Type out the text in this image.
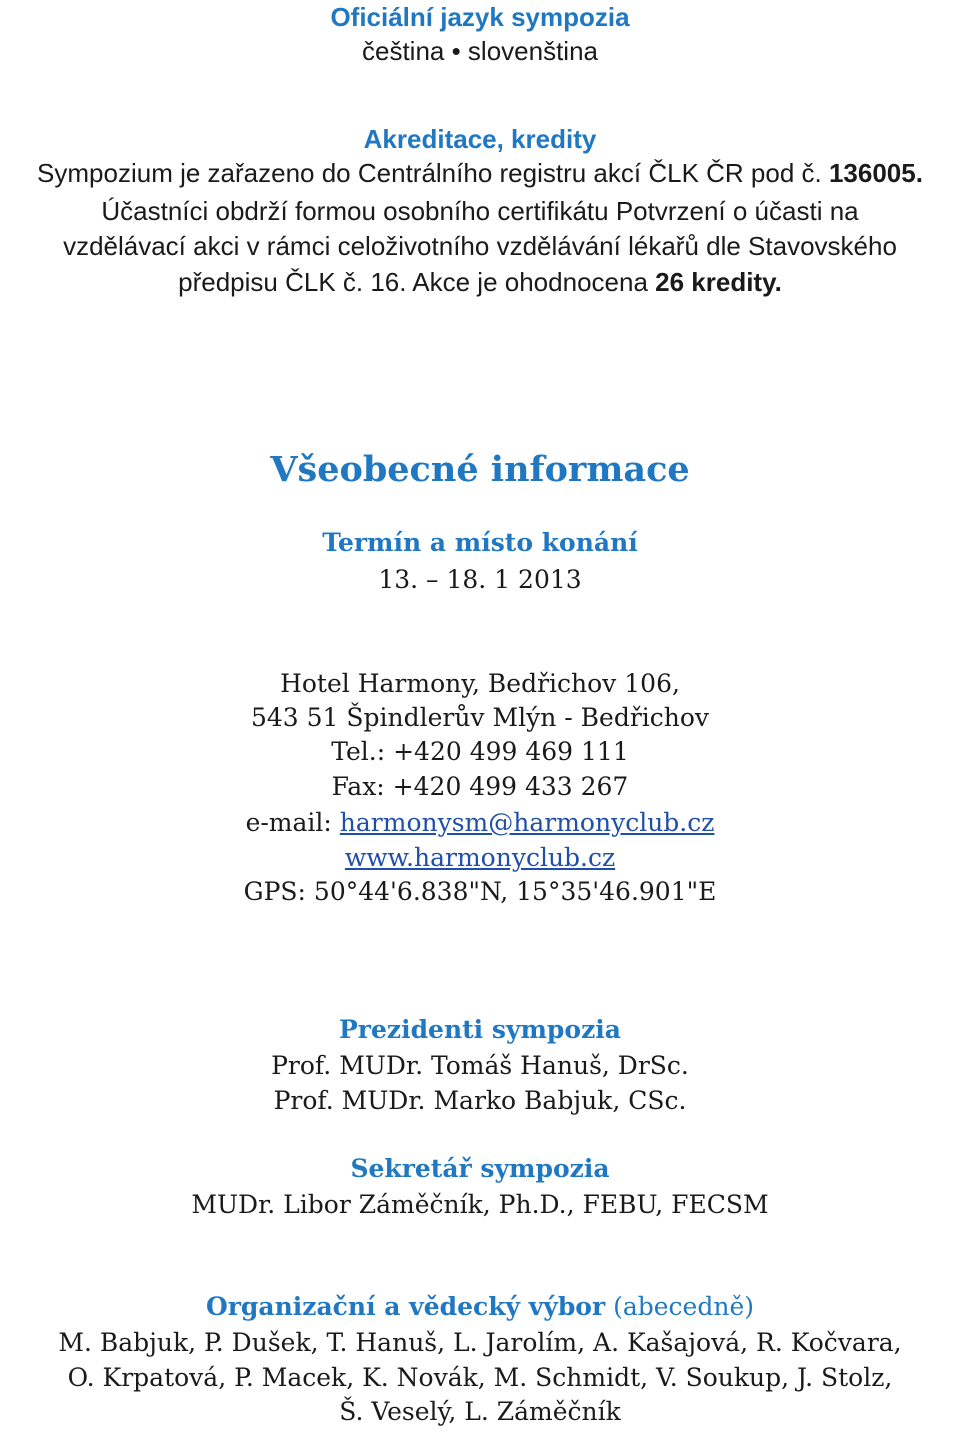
Oficiální jazyk sympozia
čeština • slovenština
Akreditace, kredity
Sympozium je zařazeno do Centrálního registru akcí ČLK ČR pod č. 136005.
Účastníci obdrží formou osobního certifikátu Potvrzení o účasti na
vzdělávací akci v rámci celoživotního vzdělávání lékařů dle Stavovského
předpisu ČLK č. 16. Akce je ohodnocena 26 kredity.
Všeobecné informace
Termín a místo konání
13. – 18. 1 2013
Hotel Harmony, Bedřichov 106,
543 51 Špindlerův Mlýn - Bedřichov
Tel.: +420 499 469 111
Fax: +420 499 433 267
e-mail: harmonysm@harmonyclub.cz
www.harmonyclub.cz
GPS: 50°44'6.838"N, 15°35'46.901"E
Prezidenti sympozia
Prof. MUDr. Tomáš Hanuš, DrSc.
Prof. MUDr. Marko Babjuk, CSc.
Sekretář sympozia
MUDr. Libor Záměčník, Ph.D., FEBU, FECSM
Organizační a vědecký výbor (abecedně)
M. Babjuk, P. Dušek, T. Hanuš, L. Jarolím, A. Kašajová, R. Kočvara,
O. Krpatová, P. Macek, K. Novák, M. Schmidt, V. Soukup, J. Stolz,
Š. Veselý, L. Záměčník
